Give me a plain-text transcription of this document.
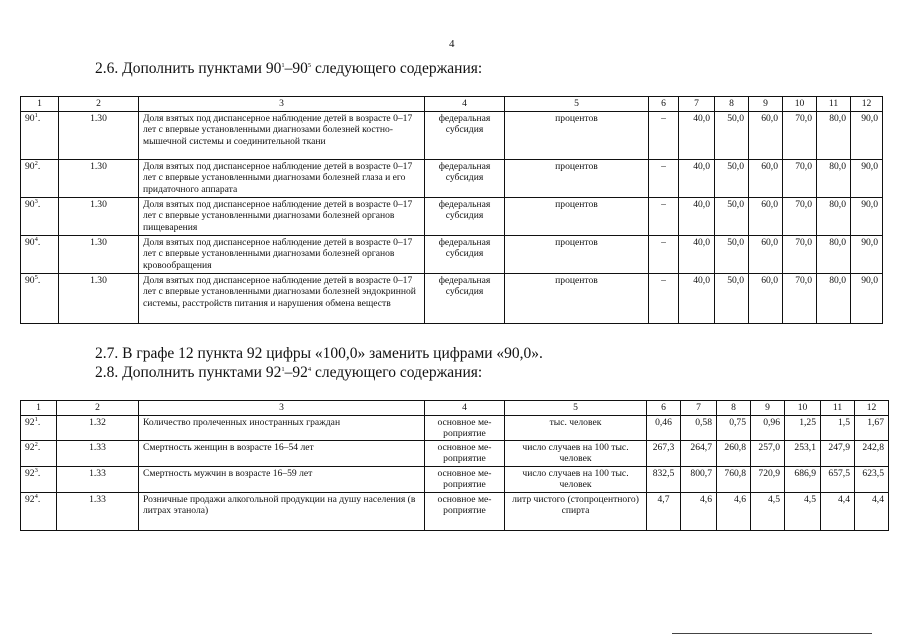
4
2.6. Дополнить пунктами $90^1-90^5$ следующего содержания:
1	2	3	4	5	6	7	8	9	10	11	12
$90^1$.	1.30	Доля взятых под диспансерное наблюдение детей в возрасте 0–17 лет с впервые установленными диагнозами болезней костно-мышечной системы и соединительной ткани	федеральная субсидия	процентов	–	40,0	50,0	60,0	70,0	80,0	90,0
$90^2$.	1.30	Доля взятых под диспансерное наблюдение детей в возрасте 0–17 лет с впервые установленными диагнозами болезней глаза и его придаточного аппарата	федеральная субсидия	процентов	–	40,0	50,0	60,0	70,0	80,0	90,0
$90^3$.	1.30	Доля взятых под диспансерное наблюдение детей в возрасте 0–17 лет с впервые установленными диагнозами болезней органов пищеварения	федеральная субсидия	процентов	–	40,0	50,0	60,0	70,0	80,0	90,0
$90^4$.	1.30	Доля взятых под диспансерное наблюдение детей в возрасте 0–17 лет с впервые установленными диагнозами болезней органов кровообращения	федеральная субсидия	процентов	–	40,0	50,0	60,0	70,0	80,0	90,0
$90^5$.	1.30	Доля взятых под диспансерное наблюдение детей в возрасте 0–17 лет с впервые установленными диагнозами болезней эндокринной системы, расстройств питания и нарушения обмена веществ	федеральная субсидия	процентов	–	40,0	50,0	60,0	70,0	80,0	90,0
2.7. В графе 12 пункта 92 цифры «100,0» заменить цифрами «90,0».
2.8. Дополнить пунктами $92^1-92^4$ следующего содержания:
1	2	3	4	5	6	7	8	9	10	11	12
$92^1$.	1.32	Количество пролеченных иностранных граждан	основное мероприятие	тыс. человек	0,46	0,58	0,75	0,96	1,25	1,5	1,67
$92^2$.	1.33	Смертность женщин в возрасте 16–54 лет	основное мероприятие	число случаев на 100 тыс. человек	267,3	264,7	260,8	257,0	253,1	247,9	242,8
$92^3$.	1.33	Смертность мужчин в возрасте 16–59 лет	основное мероприятие	число случаев на 100 тыс. человек	832,5	800,7	760,8	720,9	686,9	657,5	623,5
$92^4$.	1.33	Розничные продажи алкогольной продукции на душу населения (в литрах этанола)	основное мероприятие	литр чистого (стопроцентного) спирта	4,7	4,6	4,6	4,5	4,5	4,4	4,4
